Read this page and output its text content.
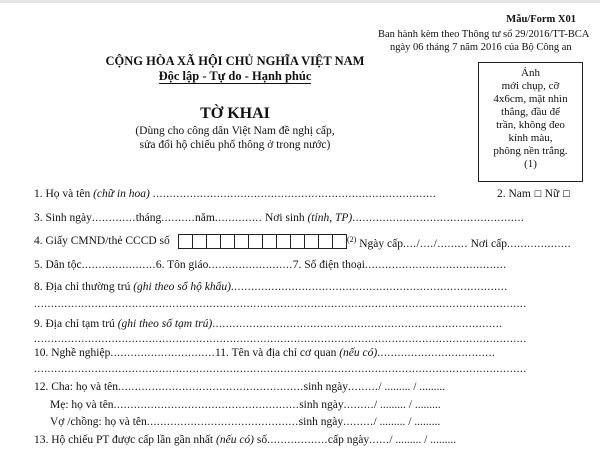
Mẫu/Form X01
Ban hành kèm theo Thông tư số 29/2016/TT-BCA
ngày 06 tháng 7 năm 2016 của Bộ Công an
CỘNG HÒA XÃ HỘI CHỦ NGHĨA VIỆT NAM
Độc lập - Tự do - Hạnh phúc
TỜ KHAI
(Dùng cho công dân Việt Nam đề nghị cấp,
sửa đổi hộ chiếu phổ thông ở trong nước)
Ảnh
mới chụp, cỡ
4x6cm, mặt nhìn
thẳng, đầu để
trần, không đeo
kính màu,
phông nền trắng.
(1)
1. Họ và tên (chữ in hoa) ....................................................................................	2. Nam ☐ Nữ ☐
3. Sinh ngày.............tháng..........năm.............. Nơi sinh (tỉnh, TP)...................................................
4. Giấy CMND/thẻ CCCD số	$^{(2)}$ Ngày cấp..../..../......... Nơi cấp...................
5. Dân tộc......................6. Tôn giáo.........................7. Số điện thoại..........................................
8. Địa chỉ thường trú (ghi theo sổ hộ khẩu)..................................................................................
..................................................................................................................................................
9. Địa chỉ tạm trú (ghi theo sổ tạm trú)......................................................................................
..................................................................................................................................................
10. Nghề nghiệp...............................11. Tên và địa chỉ cơ quan (nếu có)...................................
..................................................................................................................................................
12. Cha: họ và tên.......................................................sinh ngày........./ ......... / .........
Mẹ: họ và tên.......................................................sinh ngày........./ ......... / .........
Vợ /chồng: họ và tên.............................................sinh ngày........./ ......... / .........
13. Hộ chiếu PT được cấp lần gần nhất (nếu có) số..................cấp ngày....../ ......... / .........
